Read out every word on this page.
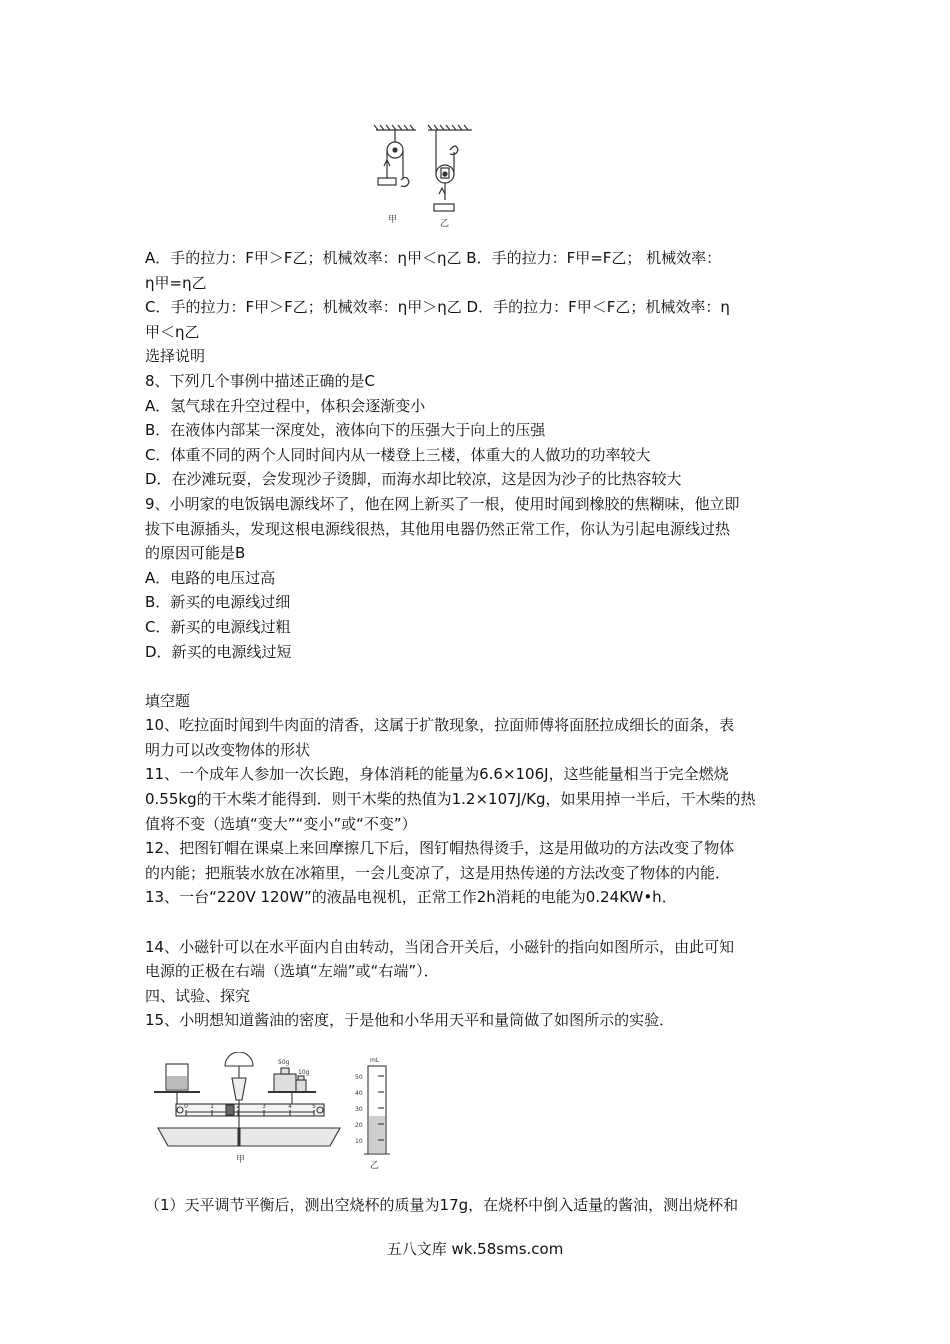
甲	乙
A．手的拉力：F甲＞F乙；机械效率：η甲＜η乙 B．手的拉力：F甲=F乙； 机械效率：
η甲=η乙
C．手的拉力：F甲＞F乙；机械效率：η甲＞η乙 D．手的拉力：F甲＜F乙；机械效率：η
甲＜η乙
选择说明
8、下列几个事例中描述正确的是C
A．氢气球在升空过程中，体积会逐渐变小
B．在液体内部某一深度处，液体向下的压强大于向上的压强
C．体重不同的两个人同时间内从一楼登上三楼，体重大的人做功的功率较大
D．在沙滩玩耍，会发现沙子烫脚，而海水却比较凉，这是因为沙子的比热容较大
9、小明家的电饭锅电源线坏了，他在网上新买了一根，使用时闻到橡胶的焦糊味，他立即
拔下电源插头，发现这根电源线很热，其他用电器仍然正常工作，你认为引起电源线过热
的原因可能是B
A．电路的电压过高
B．新买的电源线过细
C．新买的电源线过粗
D．新买的电源线过短
填空题
10、吃拉面时闻到牛肉面的清香，这属于扩散现象，拉面师傅将面胚拉成细长的面条，表
明力可以改变物体的形状
11、一个成年人参加一次长跑，身体消耗的能量为6.6×106J，这些能量相当于完全燃烧
0.55kg的干木柴才能得到．则干木柴的热值为1.2×107J/Kg，如果用掉一半后，干木柴的热
值将不变（选填“变大”“变小”或“不变”）
12、把图钉帽在课桌上来回摩擦几下后，图钉帽热得烫手，这是用做功的方法改变了物体
的内能；把瓶装水放在冰箱里，一会儿变凉了，这是用热传递的方法改变了物体的内能．
13、一台“220V 120W”的液晶电视机，正常工作2h消耗的电能为0.24KW•h．
14、小磁针可以在水平面内自由转动，当闭合开关后，小磁针的指向如图所示，由此可知
电源的正极在右端（选填“左端”或“右端”）．
四、试验、探究
15、小明想知道酱油的密度，于是他和小华用天平和量筒做了如图所示的实验．
0	1	2	3	4	5
50g
10g
mL
50
40
30
20
10
甲
乙
（1）天平调节平衡后，测出空烧杯的质量为17g，在烧杯中倒入适量的酱油，测出烧杯和
五八文库 wk.58sms.com
